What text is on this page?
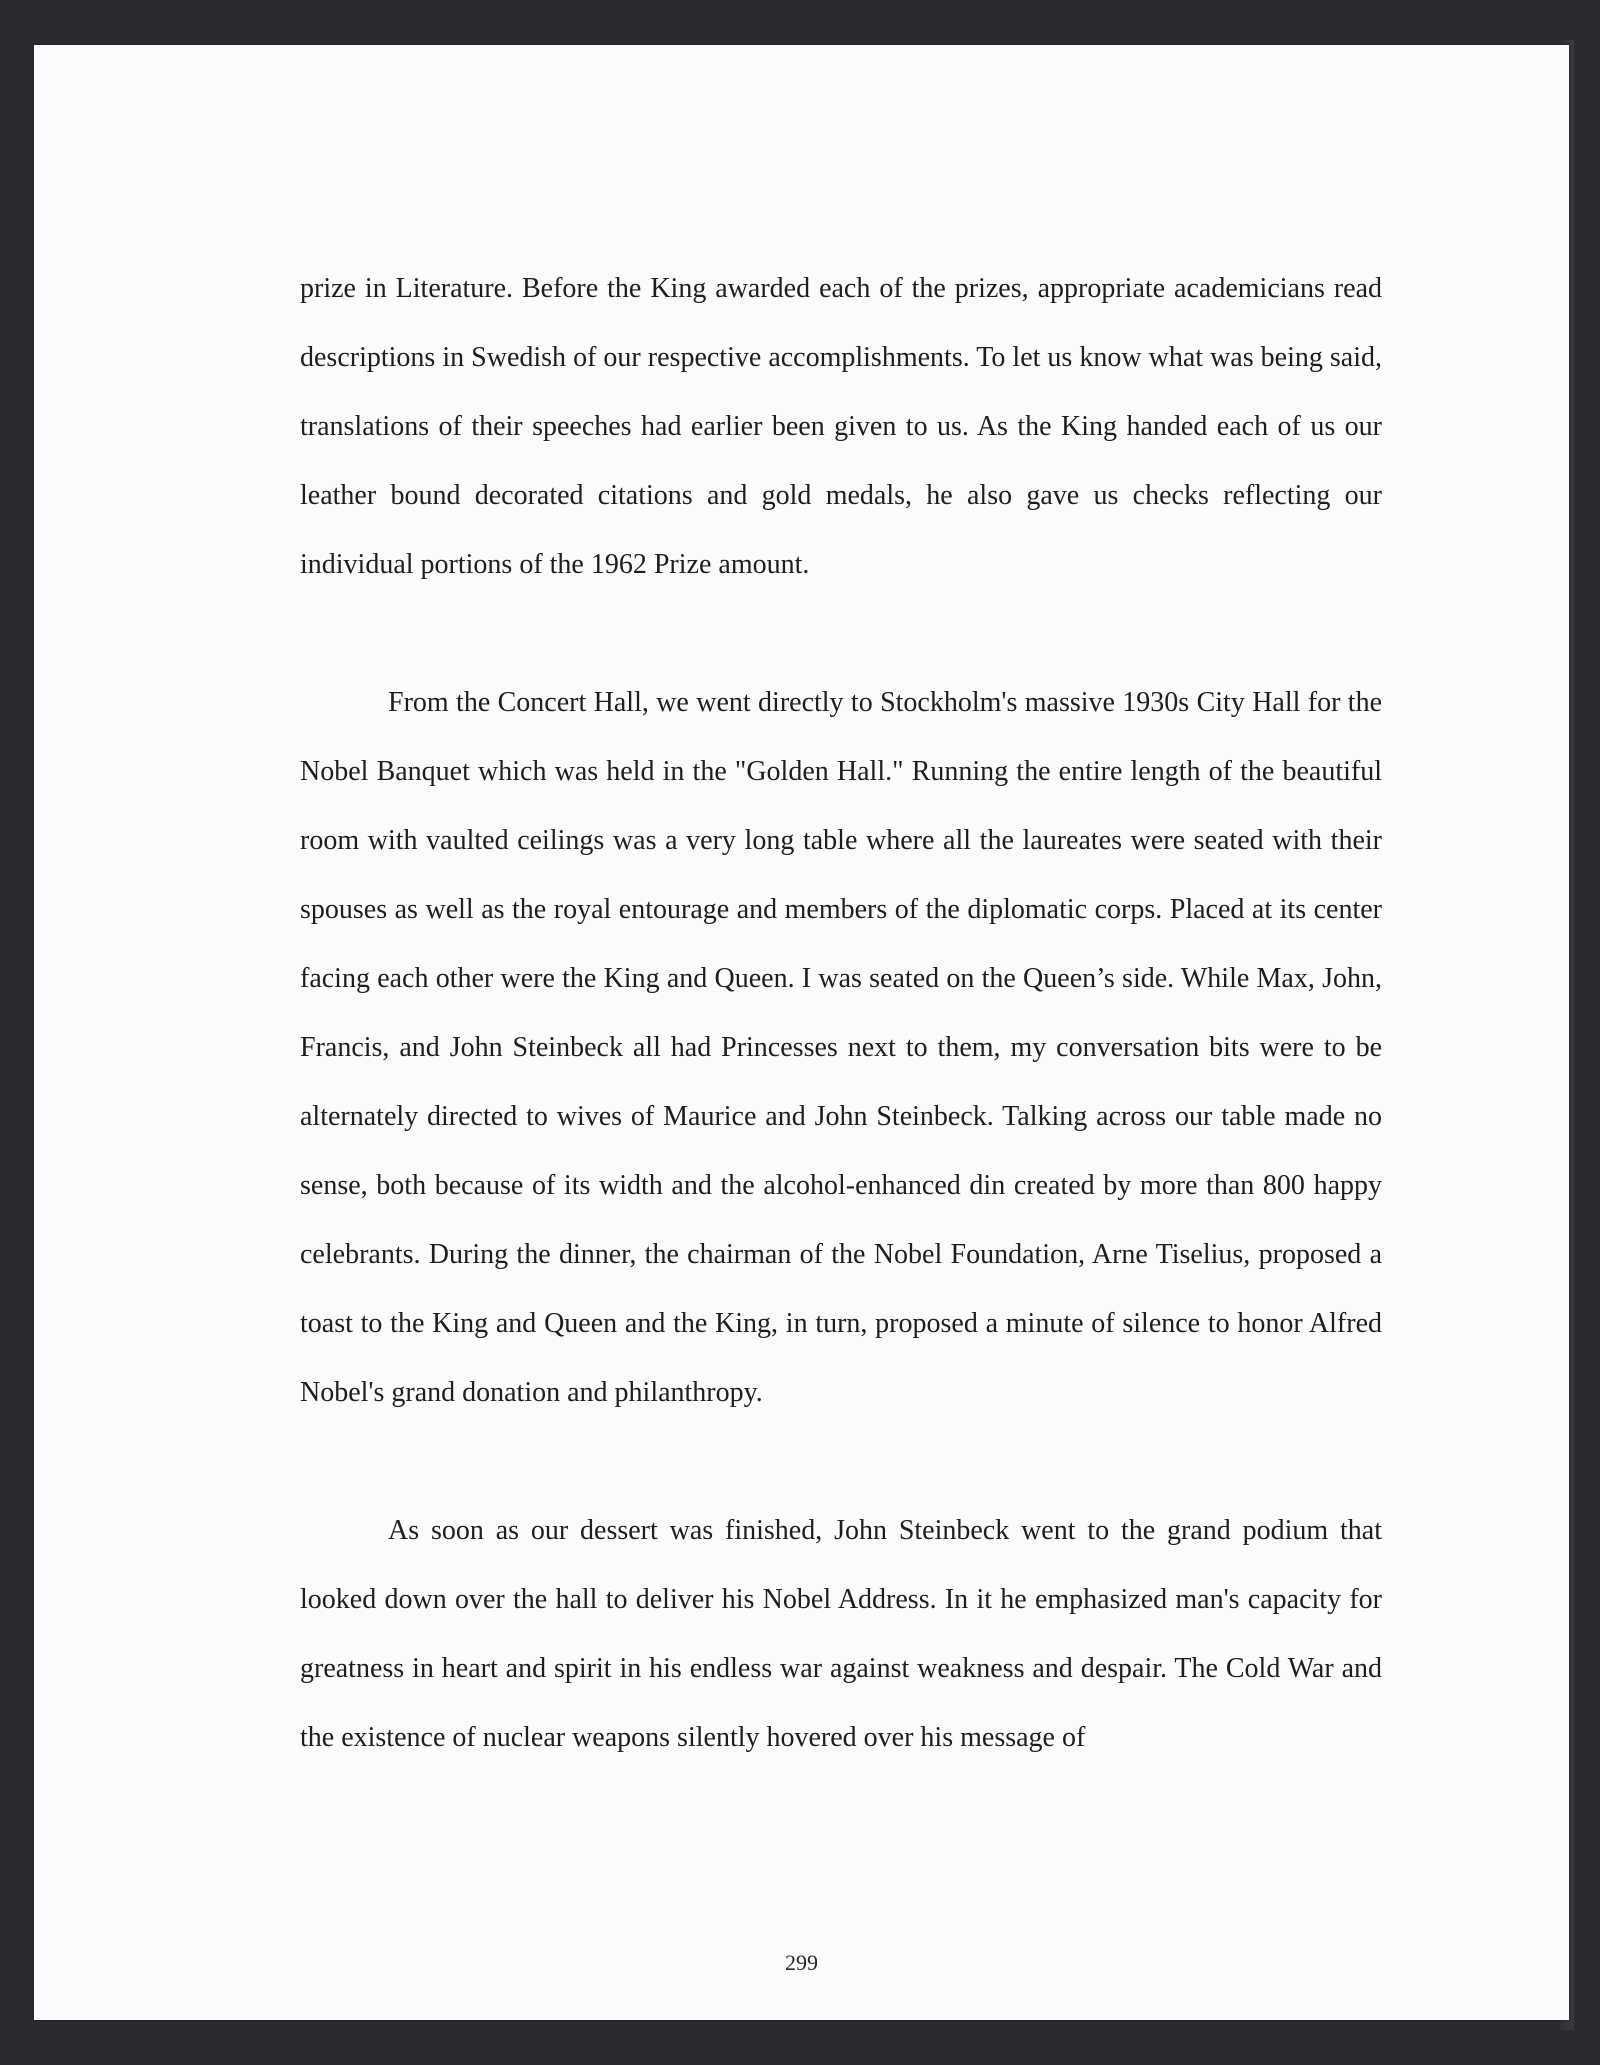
prize in Literature. Before the King awarded each of the prizes, appropriate academicians read descriptions in Swedish of our respective accomplishments. To let us know what was being said, translations of their speeches had earlier been given to us. As the King handed each of us our leather bound decorated citations and gold medals, he also gave us checks reflecting our individual portions of the 1962 Prize amount.

From the Concert Hall, we went directly to Stockholm's massive 1930s City Hall for the Nobel Banquet which was held in the "Golden Hall." Running the entire length of the beautiful room with vaulted ceilings was a very long table where all the laureates were seated with their spouses as well as the royal entourage and members of the diplomatic corps. Placed at its center facing each other were the King and Queen. I was seated on the Queen’s side. While Max, John, Francis, and John Steinbeck all had Princesses next to them, my conversation bits were to be alternately directed to wives of Maurice and John Steinbeck. Talking across our table made no sense, both because of its width and the alcohol-enhanced din created by more than 800 happy celebrants. During the dinner, the chairman of the Nobel Foundation, Arne Tiselius, proposed a toast to the King and Queen and the King, in turn, proposed a minute of silence to honor Alfred Nobel's grand donation and philanthropy.

As soon as our dessert was finished, John Steinbeck went to the grand podium that looked down over the hall to deliver his Nobel Address. In it he emphasized man's capacity for greatness in heart and spirit in his endless war against weakness and despair. The Cold War and the existence of nuclear weapons silently hovered over his message of

299
